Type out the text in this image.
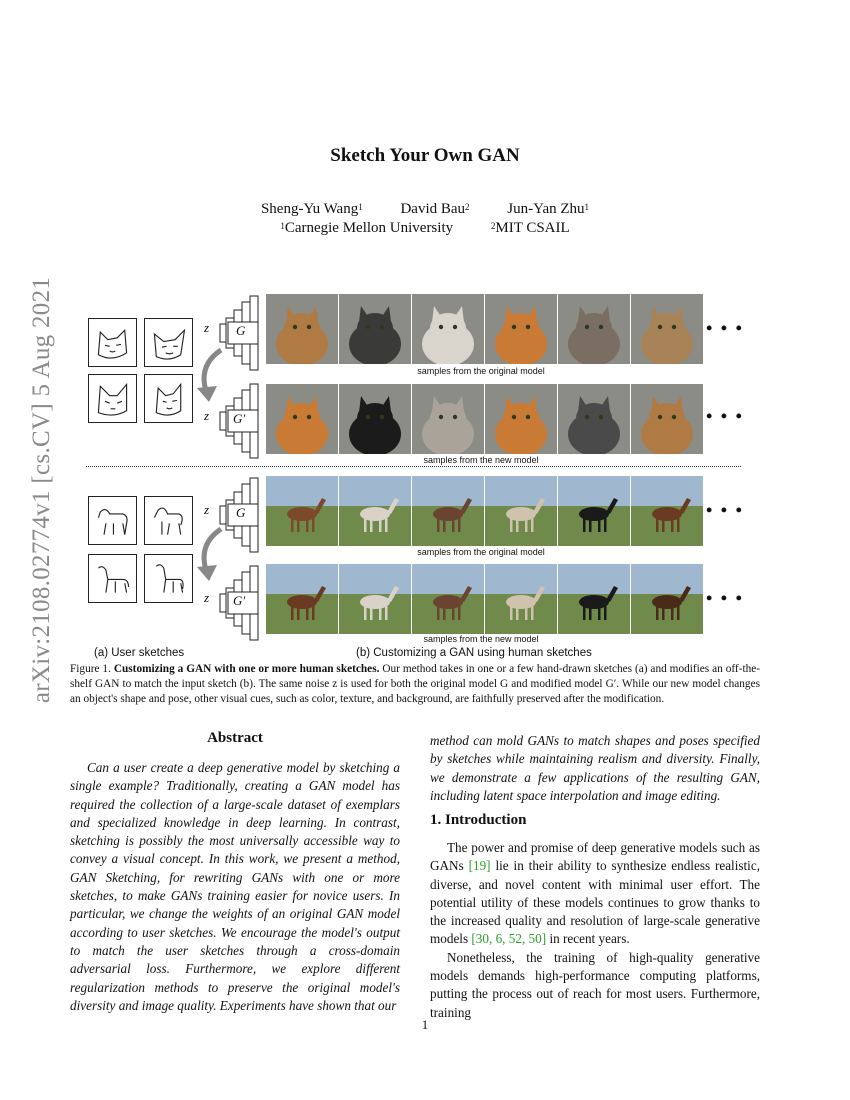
Sketch Your Own GAN
Sheng-Yu Wang$^1$	David Bau$^2$	Jun-Yan Zhu$^1$
$^1$Carnegie Mellon University	$^2$MIT CSAIL
arXiv:2108.02774v1 [cs.CV] 5 Aug 2021	z G
z G′
z G
z G′
• • •
samples from the original model
• • •
samples from the new model
• • •
samples from the original model
• • •
samples from the new model
(a) User sketches	(b) Customizing a GAN using human sketches
Figure 1. Customizing a GAN with one or more human sketches. Our method takes in one or a few hand-drawn sketches (a) and modifies an off-the-shelf GAN to match the input sketch (b). The same noise z is used for both the original model G and modified model G′. While our new model changes an object's shape and pose, other visual cues, such as color, texture, and background, are faithfully preserved after the modification.
Abstract
Can a user create a deep generative model by sketching a single example? Traditionally, creating a GAN model has required the collection of a large-scale dataset of exemplars and specialized knowledge in deep learning. In contrast, sketching is possibly the most universally accessible way to convey a visual concept. In this work, we present a method, GAN Sketching, for rewriting GANs with one or more sketches, to make GANs training easier for novice users. In particular, we change the weights of an original GAN model according to user sketches. We encourage the model's output to match the user sketches through a cross-domain adversarial loss. Furthermore, we explore different regularization methods to preserve the original model's diversity and image quality. Experiments have shown that our
method can mold GANs to match shapes and poses specified by sketches while maintaining realism and diversity. Finally, we demonstrate a few applications of the resulting GAN, including latent space interpolation and image editing.
1. Introduction

The power and promise of deep generative models such as GANs [19] lie in their ability to synthesize endless realistic, diverse, and novel content with minimal user effort. The potential utility of these models continues to grow thanks to the increased quality and resolution of large-scale generative models [30, 6, 52, 50] in recent years.

Nonetheless, the training of high-quality generative models demands high-performance computing platforms, putting the process out of reach for most users. Furthermore, training

1
